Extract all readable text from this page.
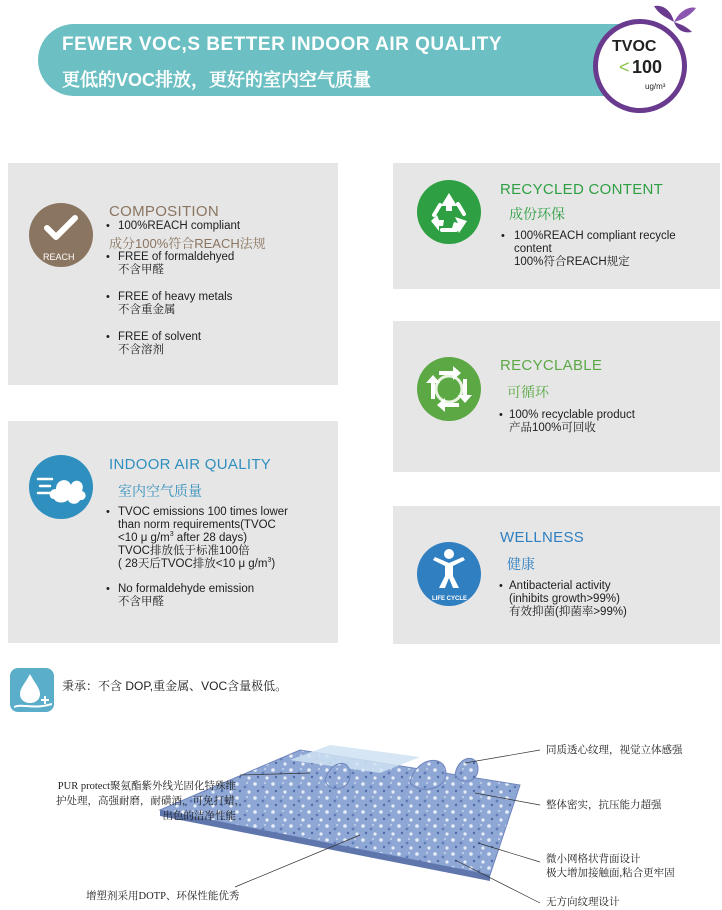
FEWER VOC,S BETTER INDOOR AIR QUALITY
更低的VOC排放，更好的室内空气质量
TVOC
< 100
ug/m³
REACH
COMPOSITION
• 100%REACH compliant
成分100%符合REACH法规
• FREE of formaldehyed
不含甲醛
• FREE of heavy metals
不含重金属
• FREE of solvent
不含溶剂
INDOOR AIR QUALITY
室内空气质量
• TVOC emissions 100 times lower
than norm requirements(TVOC
<10 μ $g/m^3$ after 28 days)
TVOC排放低于标准100倍
( 28天后TVOC排放<10 μ $g/m^3$)
• No formaldehyde emission
不含甲醛
RECYCLED CONTENT
成份环保
• 100%REACH compliant recycle
content
100%符合REACH规定
RECYCLABLE
可循环
• 100% recyclable product
产品100%可回收
LIFE CYCLE
WELLNESS
健康
• Antibacterial activity
(inhibits growth>99%)
有效抑菌(抑菌率>99%)
秉承：不含 DOP,重金属、VOC含量极低。
PUR protect聚氨酯紫外线光固化特殊维
护处理，高强耐磨，耐磺酒，可免打蜡，
出色的洁净性能
增塑剂采用DOTP、环保性能优秀
同质透心纹理，视觉立体感强
整体密实，抗压能力超强
微小网格状背面设计
极大增加接触面,粘合更牢固
无方向纹理设计
